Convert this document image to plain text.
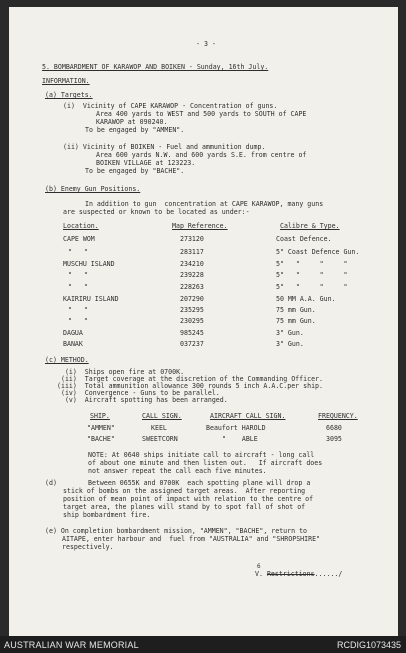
- 3 -
5. BOMBARDMENT OF KARAWOP AND BOIKEN - Sunday, 16th July.
INFORMATION.
(a) Targets.
(i)  Vicinity of CAPE KARAWOP - Concentration of guns.
Area 400 yards to WEST and 500 yards to SOUTH of CAPE
KARAWOP at 090240.
To be engaged by "AMMEN".
(ii) Vicinity of BOIKEN - Fuel and ammunition dump.
Area 600 yards N.W. and 600 yards S.E. from centre of
BOIKEN VILLAGE at 123223.
To be engaged by "BACHE".
(b) Enemy Gun Positions.
In addition to gun  concentration at CAPE KARAWOP, many guns
are suspected or known to be located as under:-
Location.	Map Reference.	Calibre & Type.
CAPE WOM	273120	Coast Defence.
"   "	283117	5" Coast Defence Gun.
MUSCHU ISLAND	234210	5"   "     "     "
"   "	239228	5"   "     "     "
"   "	228263	5"   "     "     "
KAIRIRU ISLAND	207290	50 MM A.A. Gun.
"   "	235295	75 mm Gun.
"   "	230295	75 mm Gun.
DAGUA	985245	3" Gun.
BANAK	037237	3" Gun.
(c) METHOD.
(i)  Ships open fire at 0700K.
(ii)  Target coverage at the discretion of the Commanding Officer.
(iii)  Total ammunition allowance 300 rounds 5 inch A.A.C.per ship.
(iv)  Convergence - Guns to be parallel.
(v)  Aircraft spotting has been arranged.
SHIP.	CALL SIGN.	AIRCRAFT CALL SIGN.	FREQUENCY.
"AMMEN"	KEEL	Beaufort HAROLD	6680
"BACHE"	SWEETCORN	"    ABLE	3095
NOTE: At 0640 ships initiate call to aircraft - long call
of about one minute and then listen out.   If aircraft does
not answer repeat the call each five minutes.
(d)	Between 0655K and 0700K  each spotting plane will drop a
stick of bombs on the assigned target areas.  After reporting
position of mean point of impact with relation to the centre of
target area, the planes will stand by to spot fall of shot of
ship bombardment fire.
(e) On completion bombardment mission, "AMMEN", "BACHE", return to
AITAPE, enter harbour and  fuel from "AUSTRALIA" and "SHROPSHIRE"
respectively.
6
V. Restrictions....../
AUSTRALIAN WAR MEMORIAL	RCDIG1073435
